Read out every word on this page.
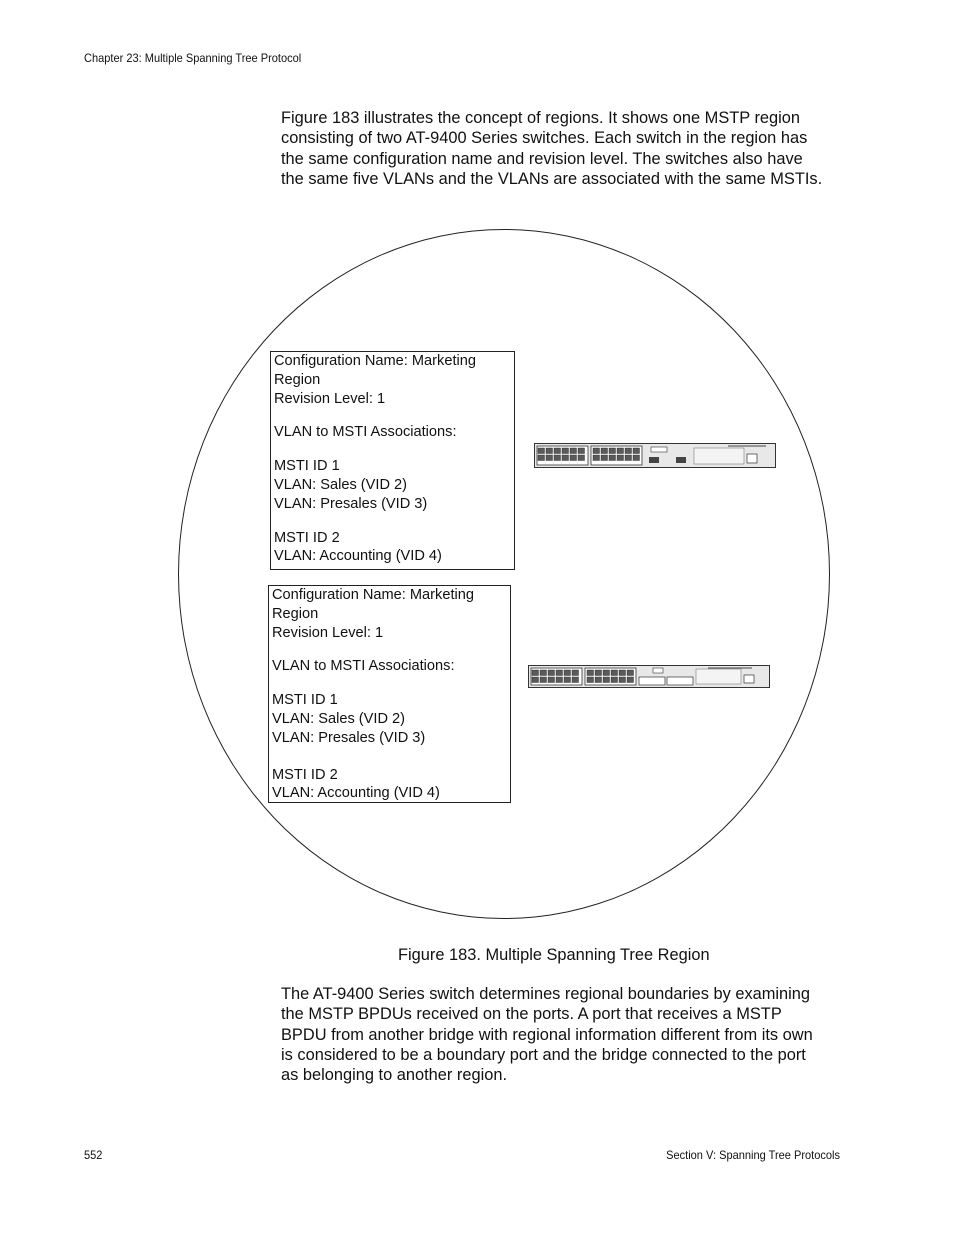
Chapter 23: Multiple Spanning Tree Protocol

Figure 183 illustrates the concept of regions. It shows one MSTP region
consisting of two AT-9400 Series switches. Each switch in the region has
the same configuration name and revision level. The switches also have
the same five VLANs and the VLANs are associated with the same MSTIs.

Configuration Name: Marketing
Region
Revision Level: 1
VLAN to MSTI Associations:
MSTI ID 1
VLAN: Sales (VID 2)
VLAN: Presales (VID 3)
MSTI ID 2
VLAN: Accounting (VID 4)
Configuration Name: Marketing
Region
Revision Level: 1
VLAN to MSTI Associations:
MSTI ID 1
VLAN: Sales (VID 2)
VLAN: Presales (VID 3)
MSTI ID 2
VLAN: Accounting (VID 4)
Figure 183. Multiple Spanning Tree Region

The AT-9400 Series switch determines regional boundaries by examining
the MSTP BPDUs received on the ports. A port that receives a MSTP
BPDU from another bridge with regional information different from its own
is considered to be a boundary port and the bridge connected to the port
as belonging to another region.

552	Section V: Spanning Tree Protocols
